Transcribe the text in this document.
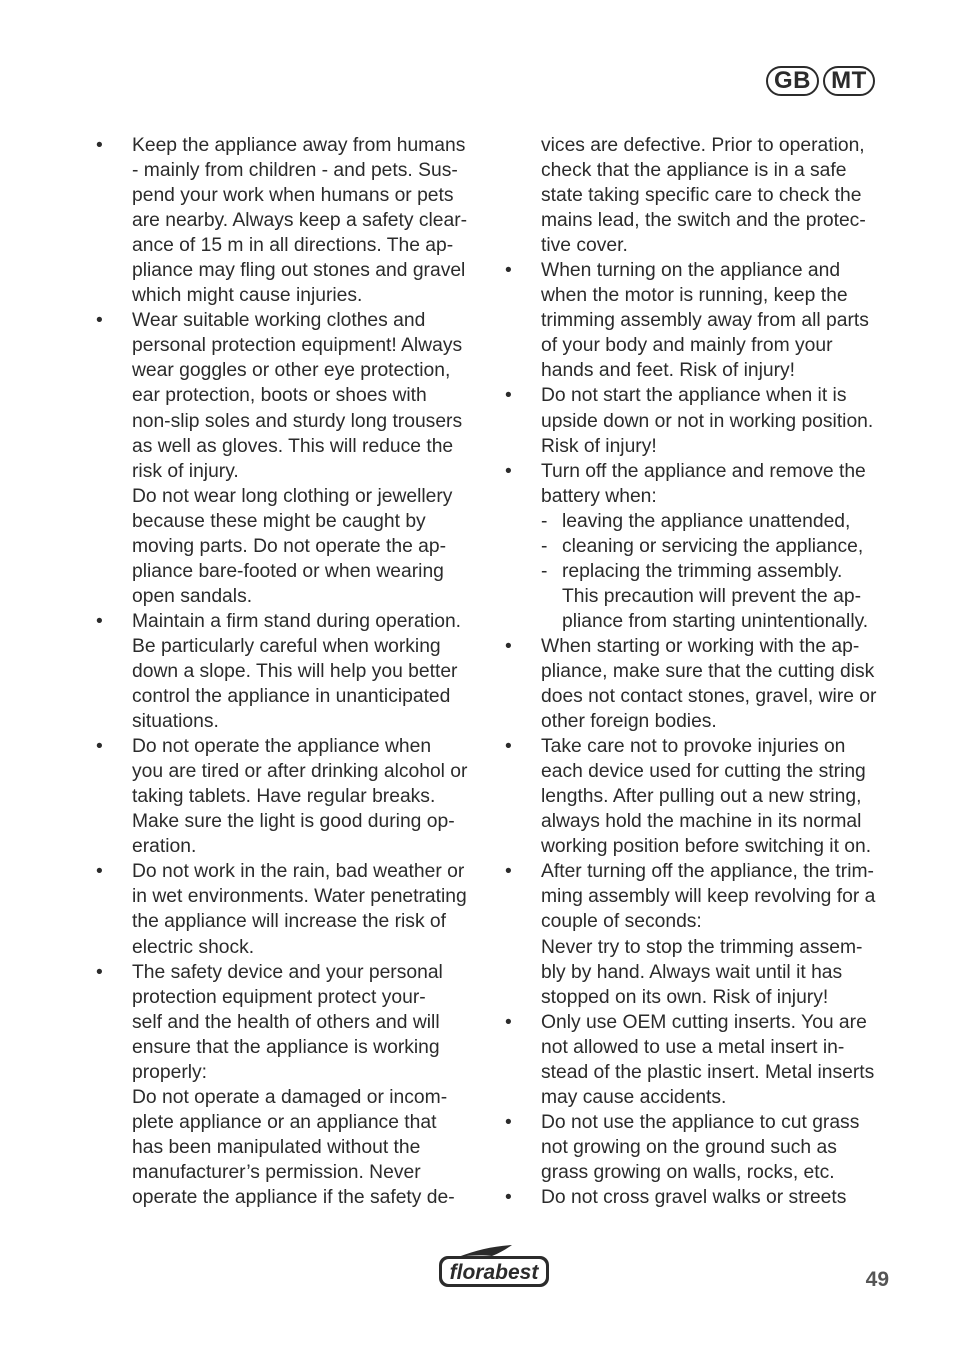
GB MT
•	Keep the appliance away from humans
- mainly from children - and pets. Sus-
pend your work when humans or pets
are nearby. Always keep a safety clear-
ance of 15 m in all directions. The ap-
pliance may fling out stones and gravel
which might cause injuries.
•	Wear suitable working clothes and
personal protection equipment! Always
wear goggles or other eye protection,
ear protection, boots or shoes with
non-slip soles and sturdy long trousers
as well as gloves. This will reduce the
risk of injury.
Do not wear long clothing or jewellery
because these might be caught by
moving parts. Do not operate the ap-
pliance bare-footed or when wearing
open sandals.
•	Maintain a firm stand during operation.
Be particularly careful when working
down a slope. This will help you better
control the appliance in unanticipated
situations.
•	Do not operate the appliance when
you are tired or after drinking alcohol or
taking tablets. Have regular breaks.
Make sure the light is good during op-
eration.
•	Do not work in the rain, bad weather or
in wet environments. Water penetrating
the appliance will increase the risk of
electric shock.
•	The safety device and your personal
protection equipment protect your-
self and the health of others and will
ensure that the appliance is working
properly:
Do not operate a damaged or incom-
plete appliance or an appliance that
has been manipulated without the
manufacturer’s permission. Never
operate the appliance if the safety de-
vices are defective. Prior to operation,
check that the appliance is in a safe
state taking specific care to check the
mains lead, the switch and the protec-
tive cover.
•	When turning on the appliance and
when the motor is running, keep the
trimming assembly away from all parts
of your body and mainly from your
hands and feet. Risk of injury!
•	Do not start the appliance when it is
upside down or not in working position.
Risk of injury!
•	Turn off the appliance and remove the
battery when:
- leaving the appliance unattended,
- cleaning or servicing the appliance,
- replacing the trimming assembly.
This precaution will prevent the ap-
pliance from starting unintentionally.
•	When starting or working with the ap-
pliance, make sure that the cutting disk
does not contact stones, gravel, wire or
other foreign bodies.
•	Take care not to provoke injuries on
each device used for cutting the string
lengths. After pulling out a new string,
always hold the machine in its normal
working position before switching it on.
•	After turning off the appliance, the trim-
ming assembly will keep revolving for a
couple of seconds:
Never try to stop the trimming assem-
bly by hand. Always wait until it has
stopped on its own. Risk of injury!
•	Only use OEM cutting inserts. You are
not allowed to use a metal insert in-
stead of the plastic insert. Metal inserts
may cause accidents.
•	Do not use the appliance to cut grass
not growing on the ground such as
grass growing on walls, rocks, etc.
•	Do not cross gravel walks or streets
florabest	49
